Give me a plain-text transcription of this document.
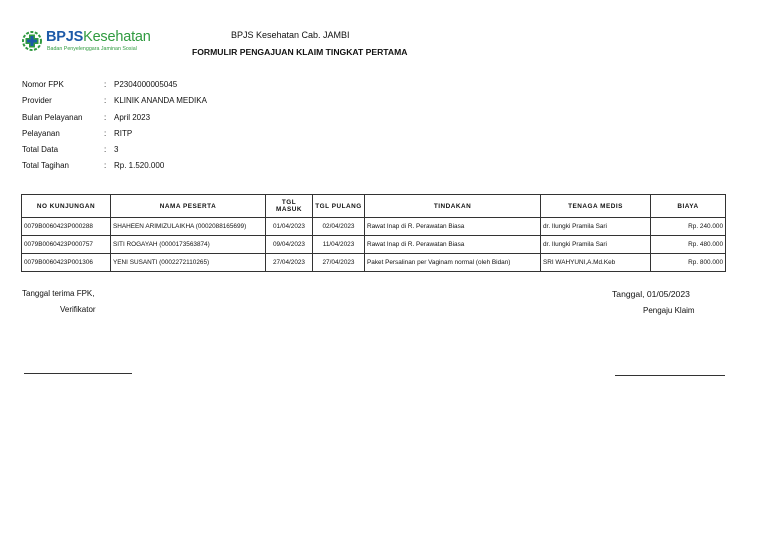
BPJSKesehatan
Badan Penyelenggara Jaminan Sosial
BPJS Kesehatan Cab. JAMBI
FORMULIR PENGAJUAN KLAIM TINGKAT PERTAMA
Nomor FPK	: P2304000005045
Provider	: KLINIK ANANDA MEDIKA
Bulan Pelayanan	: April 2023
Pelayanan	: RITP
Total Data	: 3
Total Tagihan	: Rp. 1.520.000
NO KUNJUNGAN	NAMA PESERTA	TGL MASUK	TGL PULANG	TINDAKAN	TENAGA MEDIS	BIAYA
0079B0060423P000288	SHAHEEN ARIMIZULAIKHA (0002088165699)	01/04/2023	02/04/2023	Rawat Inap di R. Perawatan Biasa	dr. Ilungki Pramila Sari	Rp. 240.000
0079B0060423P000757	SITI ROGAYAH (0000173563874)	09/04/2023	11/04/2023	Rawat Inap di R. Perawatan Biasa	dr. Ilungki Pramila Sari	Rp. 480.000
0079B0060423P001306	YENI SUSANTI (0002272110265)	27/04/2023	27/04/2023	Paket Persalinan per Vaginam normal (oleh Bidan)	SRI WAHYUNI,A.Md.Keb	Rp. 800.000
Tanggal terima FPK,
Verifikator
Tanggal, 01/05/2023
Pengaju Klaim
